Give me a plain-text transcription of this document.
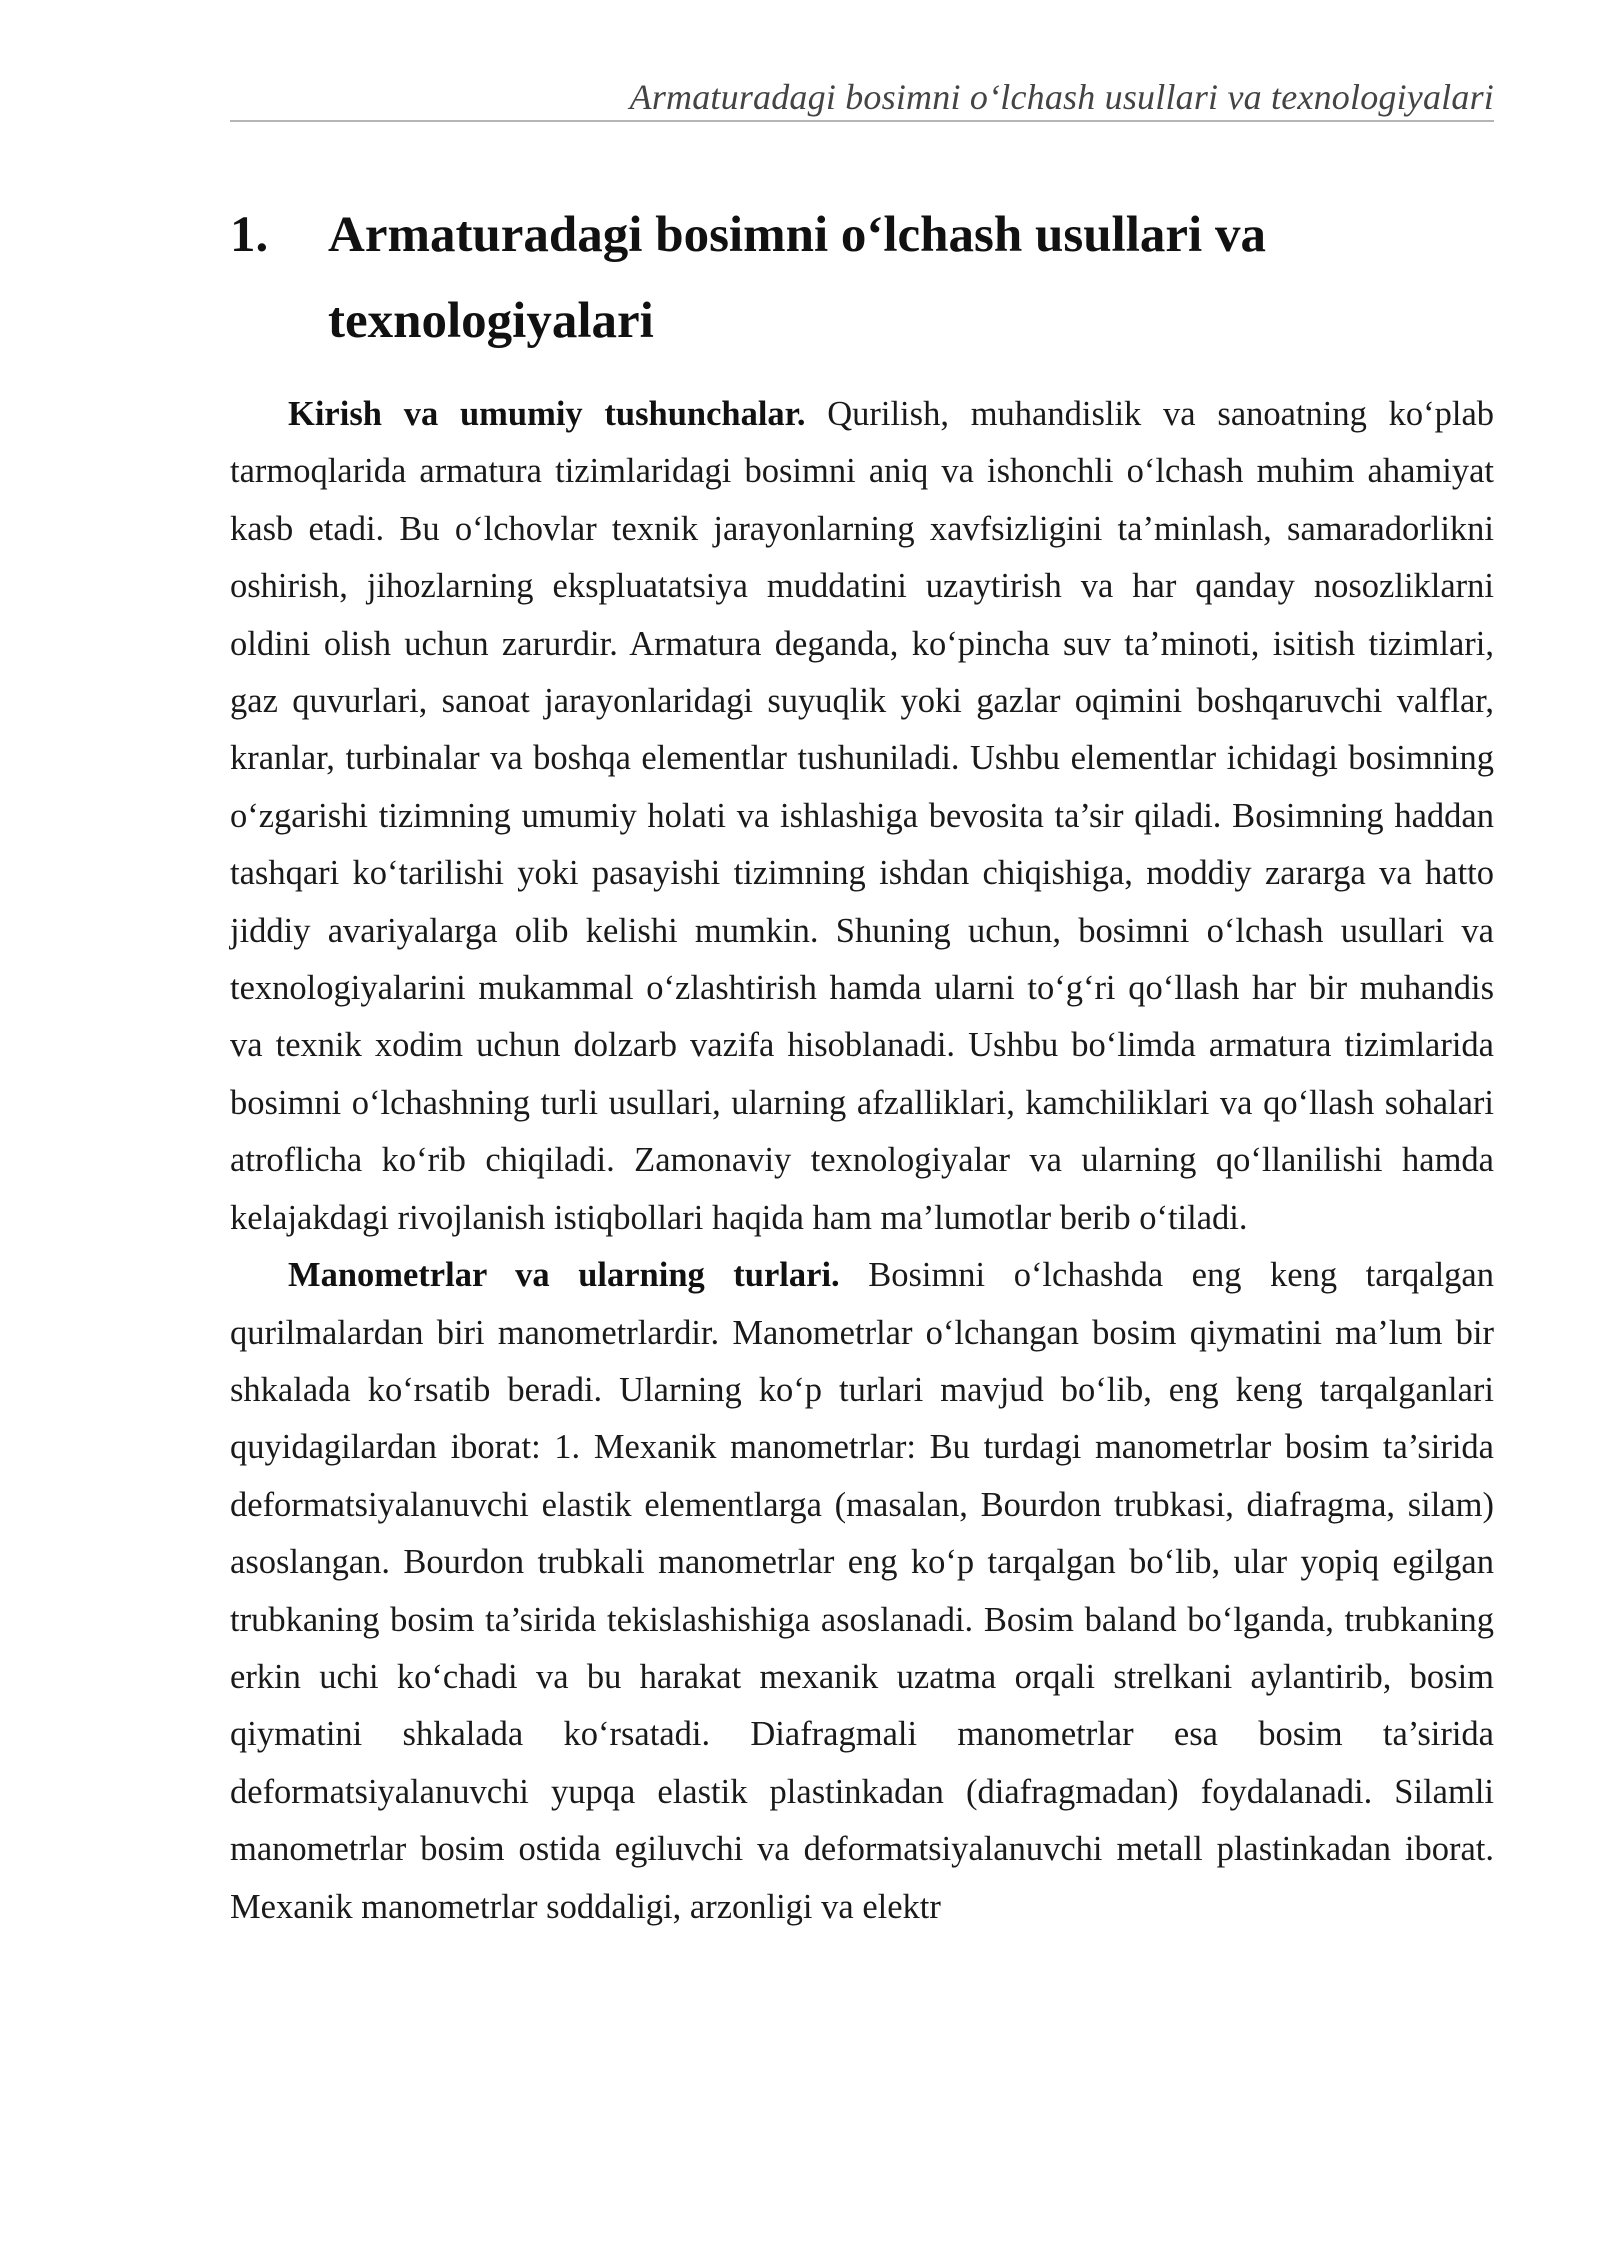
Armaturadagi bosimni o‘lchash usullari va texnologiyalari
1. Armaturadagi bosimni o‘lchash usullari va texnologiyalari

Kirish va umumiy tushunchalar. Qurilish, muhandislik va sanoatning ko‘plab tarmoqlarida armatura tizimlaridagi bosimni aniq va ishonchli o‘lchash muhim ahamiyat kasb etadi. Bu o‘lchovlar texnik jarayonlarning xavfsizligini ta’minlash, samaradorlikni oshirish, jihozlarning ekspluatatsiya muddatini uzaytirish va har qanday nosozliklarni oldini olish uchun zarurdir. Armatura deganda, ko‘pincha suv ta’minoti, isitish tizimlari, gaz quvurlari, sanoat jarayonlaridagi suyuqlik yoki gazlar oqimini boshqaruvchi valflar, kranlar, turbinalar va boshqa elementlar tushuniladi. Ushbu elementlar ichidagi bosimning o‘zgarishi tizimning umumiy holati va ishlashiga bevosita ta’sir qiladi. Bosimning haddan tashqari ko‘tarilishi yoki pasayishi tizimning ishdan chiqishiga, moddiy zararga va hatto jiddiy avariyalarga olib kelishi mumkin. Shuning uchun, bosimni o‘lchash usullari va texnologiyalarini mukammal o‘zlashtirish hamda ularni to‘g‘ri qo‘llash har bir muhandis va texnik xodim uchun dolzarb vazifa hisoblanadi. Ushbu bo‘limda armatura tizimlarida bosimni o‘lchashning turli usullari, ularning afzalliklari, kamchiliklari va qo‘llash sohalari atroflicha ko‘rib chiqiladi. Zamonaviy texnologiyalar va ularning qo‘llanilishi hamda kelajakdagi rivojlanish istiqbollari haqida ham ma’lumotlar berib o‘tiladi.

Manometrlar va ularning turlari. Bosimni o‘lchashda eng keng tarqalgan qurilmalardan biri manometrlardir. Manometrlar o‘lchangan bosim qiymatini ma’lum bir shkalada ko‘rsatib beradi. Ularning ko‘p turlari mavjud bo‘lib, eng keng tarqalganlari quyidagilardan iborat: 1. Mexanik manometrlar: Bu turdagi manometrlar bosim ta’sirida deformatsiyalanuvchi elastik elementlarga (masalan, Bourdon trubkasi, diafragma, silam) asoslangan. Bourdon trubkali manometrlar eng ko‘p tarqalgan bo‘lib, ular yopiq egilgan trubkaning bosim ta’sirida tekislashishiga asoslanadi. Bosim baland bo‘lganda, trubkaning erkin uchi ko‘chadi va bu harakat mexanik uzatma orqali strelkani aylantirib, bosim qiymatini shkalada ko‘rsatadi. Diafragmali manometrlar esa bosim ta’sirida deformatsiyalanuvchi yupqa elastik plastinkadan (diafragmadan) foydalanadi. Silamli manometrlar bosim ostida egiluvchi va deformatsiyalanuvchi metall plastinkadan iborat. Mexanik manometrlar soddaligi, arzonligi va elektr
